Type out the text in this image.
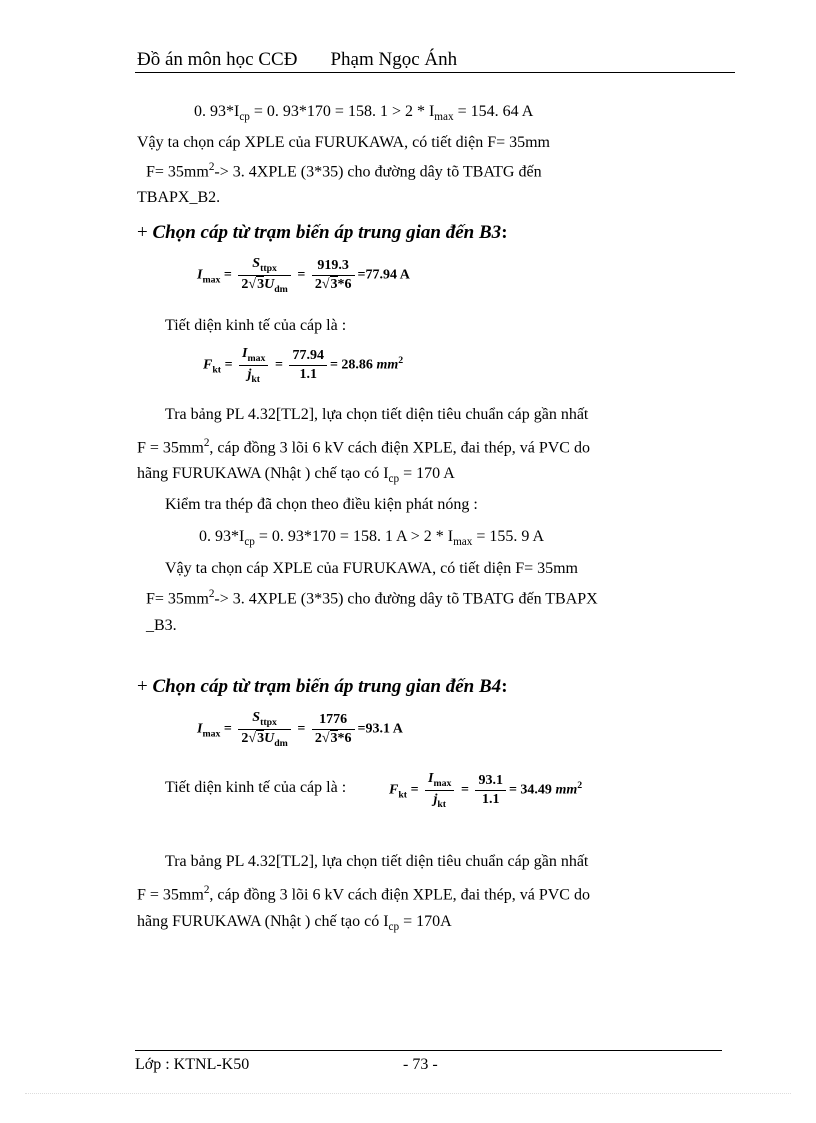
Đồ án môn học CCĐ Phạm Ngọc Ánh
0. $93*I_{cp} = 0$. 93*170 = 158. $1 > 2 * I_{max} = 154$. 64 A
Vậy ta chọn cáp XPLE của FURUKAWA, có tiết diện F= 35mm
$F= 35mm^2-> 3$. 4XPLE (3*35) cho đường dây tõ TBATG đến
TBAPX_B2.
+ Chọn cáp từ trạm biến áp trung gian đến B3:
$I_{max} = \frac{S_{ttpx}}{2√3U_{dm}} = \frac{919.3}{2√3*6} =77.94$ A
Tiết diện kinh tế của cáp là :
$F_{kt} = \frac{I_{max}}{j_{kt}} = \frac{77.94}{1.1} = 28.86$ $mm^2$
Tra bảng PL 4.32[TL2], lựa chọn tiết diện tiêu chuẩn cáp gần nhất
$F = 35mm^2$, cáp đồng 3 lõi 6 kV cách điện XPLE, đai thép, vá PVC do
hãng FURUKAWA (Nhật ) chế tạo có $I_{cp} = 170$ A
Kiểm tra thép đã chọn theo điều kiện phát nóng :
0. $93*I_{cp} = 0$. 93*170 = 158. 1 $A > 2 * I_{max} = 155$. 9 A
Vậy ta chọn cáp XPLE của FURUKAWA, có tiết diện F= 35mm
$F= 35mm^2-> 3$. 4XPLE (3*35) cho đường dây tõ TBATG đến TBAPX
_B3.
+ Chọn cáp từ trạm biến áp trung gian đến B4:
$I_{max} = \frac{S_{ttpx}}{2√3U_{dm}} = \frac{1776}{2√3*6} =93.1$ A
Tiết diện kinh tế của cáp là :	$F_{kt} = \frac{I_{max}}{j_{kt}} = \frac{93.1}{1.1} = 34.49$ $mm^2$
Tra bảng PL 4.32[TL2], lựa chọn tiết diện tiêu chuẩn cáp gần nhất
$F = 35mm^2$, cáp đồng 3 lõi 6 kV cách điện XPLE, đai thép, vá PVC do
hãng FURUKAWA (Nhật ) chế tạo có $I_{cp} = 170A$
Lớp : KTNL-K50	- 73 -
